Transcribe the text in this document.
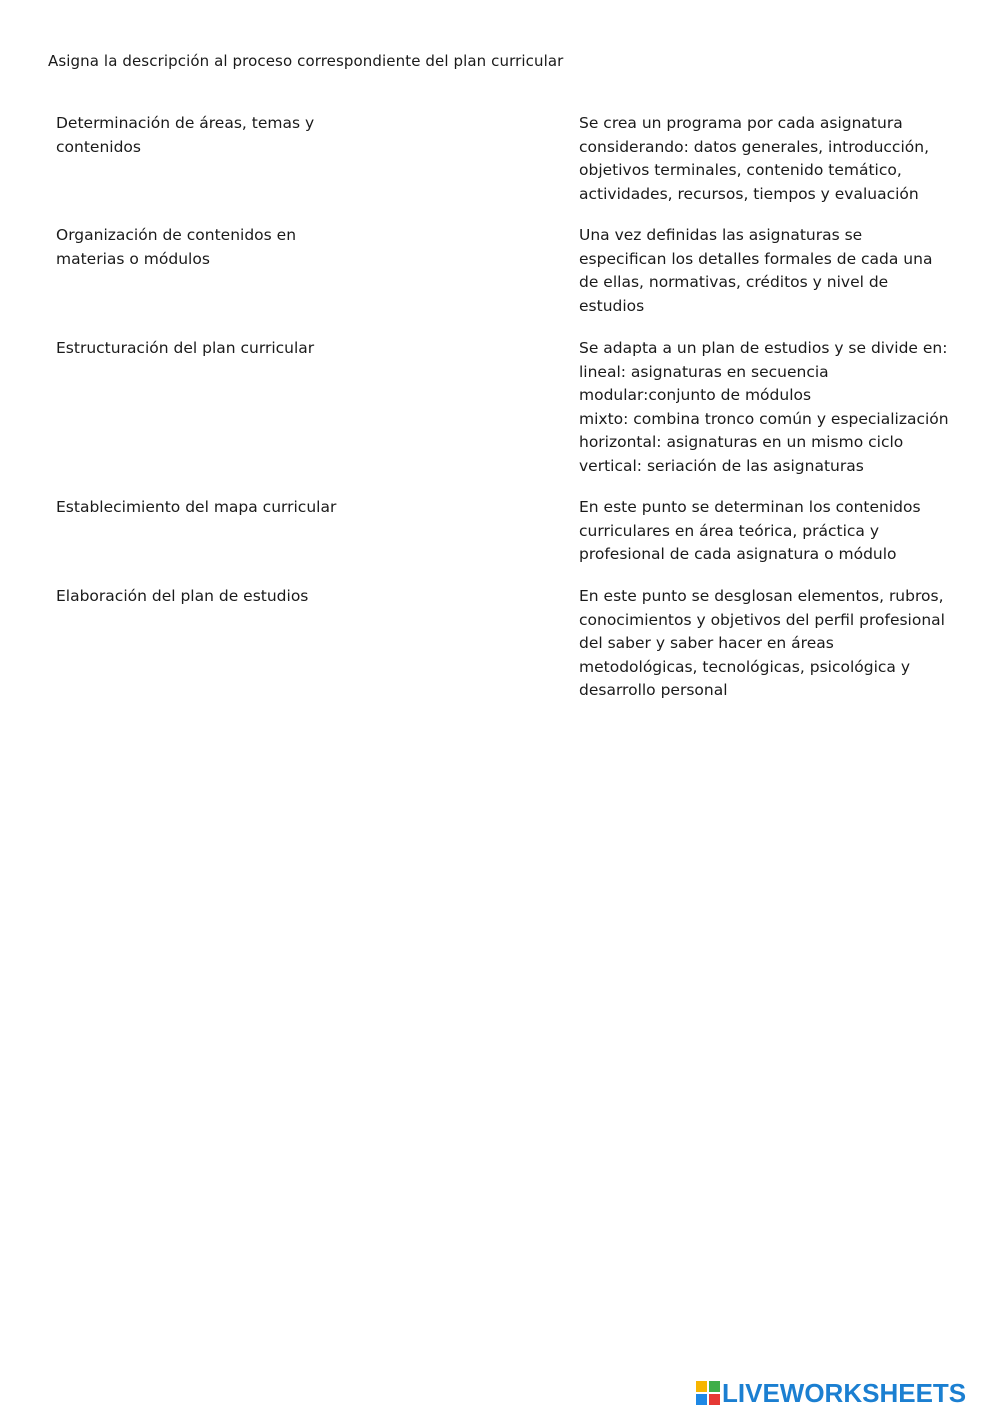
Asigna la descripción al proceso correspondiente del plan curricular
Determinación de áreas, temas y
contenidos
Organización de contenidos en
materias o módulos
Estructuración del plan curricular
Establecimiento del mapa curricular
Elaboración del plan de estudios
Se crea un programa por cada asignatura
considerando: datos generales, introducción,
objetivos terminales, contenido temático,
actividades, recursos, tiempos y evaluación
Una vez definidas las asignaturas se
especifican los detalles formales de cada una
de ellas, normativas, créditos y nivel de
estudios
Se adapta a un plan de estudios y se divide en:
lineal: asignaturas en secuencia
modular:conjunto de módulos
mixto: combina tronco común y especialización
horizontal: asignaturas en un mismo ciclo
vertical: seriación de las asignaturas
En este punto se determinan los contenidos
curriculares en área teórica, práctica y
profesional de cada asignatura o módulo
En este punto se desglosan elementos, rubros,
conocimientos y objetivos del perfil profesional
del saber y saber hacer en áreas
metodológicas, tecnológicas, psicológica y
desarrollo personal
LIVEWORKSHEETS
